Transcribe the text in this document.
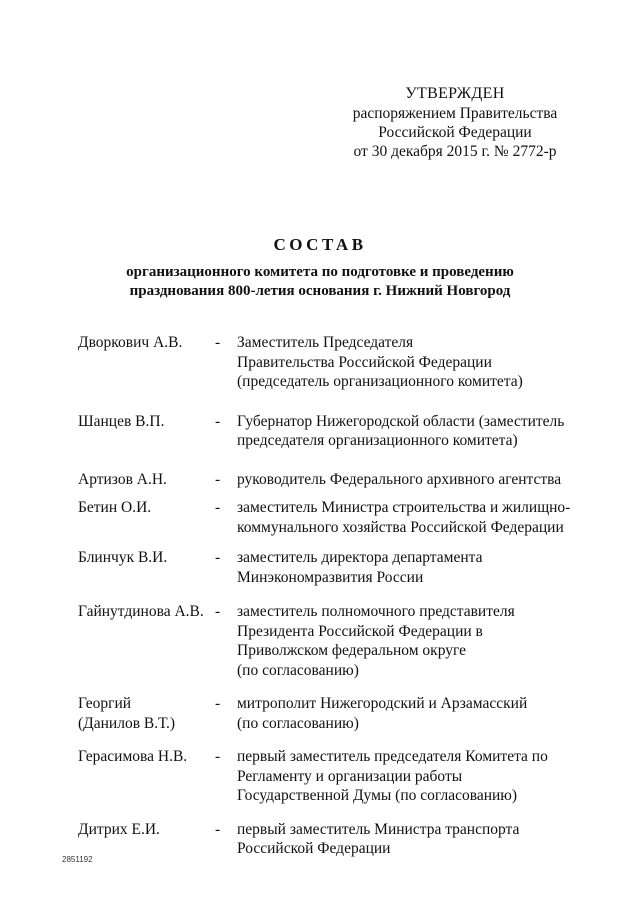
УТВЕРЖДЕН
распоряжением Правительства
Российской Федерации
от 30 декабря 2015 г. № 2772-р
СОСТАВ
организационного комитета по подготовке и проведению
празднования 800-летия основания г. Нижний Новгород
Дворкович А.В.	-	Заместитель Председателя
Правительства Российской Федерации
(председатель организационного комитета)
Шанцев В.П.	-	Губернатор Нижегородской области (заместитель
председателя организационного комитета)
Артизов А.Н.	-	руководитель Федерального архивного агентства
Бетин О.И.	-	заместитель Министра строительства и жилищно-
коммунального хозяйства Российской Федерации
Блинчук В.И.	-	заместитель директора департамента
Минэкономразвития России
Гайнутдинова А.В. -	заместитель полномочного представителя
Президента Российской Федерации в
Приволжском федеральном округе
(по согласованию)
Георгий
(Данилов В.Т.)
-	митрополит Нижегородский и Арзамасский
(по согласованию)
Герасимова Н.В.	-	первый заместитель председателя Комитета по
Регламенту и организации работы
Государственной Думы (по согласованию)
Дитрих Е.И.	-	первый заместитель Министра транспорта
Российской Федерации
2851192
